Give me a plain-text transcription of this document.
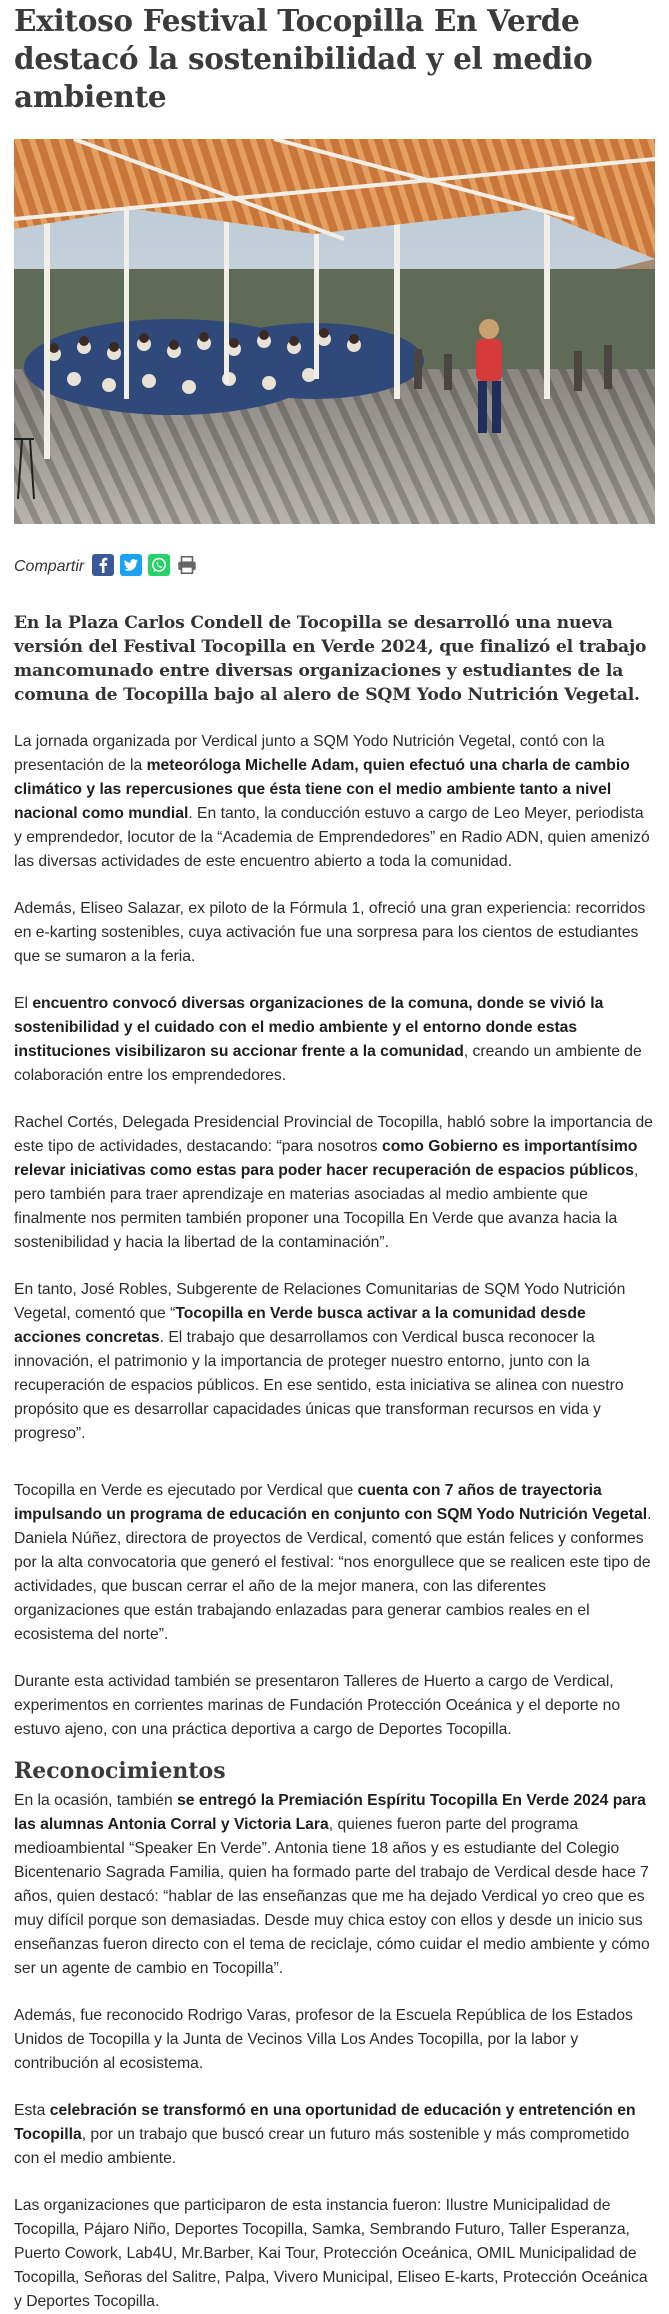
Exitoso Festival Tocopilla En Verde destacó la sostenibilidad y el medio ambiente
Compartir

En la Plaza Carlos Condell de Tocopilla se desarrolló una nueva versión del Festival Tocopilla en Verde 2024, que finalizó el trabajo mancomunado entre diversas organizaciones y estudiantes de la comuna de Tocopilla bajo al alero de SQM Yodo Nutrición Vegetal.

La jornada organizada por Verdical junto a SQM Yodo Nutrición Vegetal, contó con la presentación de la meteoróloga Michelle Adam, quien efectuó una charla de cambio climático y las repercusiones que ésta tiene con el medio ambiente tanto a nivel nacional como mundial. En tanto, la conducción estuvo a cargo de Leo Meyer, periodista y emprendedor, locutor de la “Academia de Emprendedores” en Radio ADN, quien amenizó las diversas actividades de este encuentro abierto a toda la comunidad.

Además, Eliseo Salazar, ex piloto de la Fórmula 1, ofreció una gran experiencia: recorridos en e-karting sostenibles, cuya activación fue una sorpresa para los cientos de estudiantes que se sumaron a la feria.

El encuentro convocó diversas organizaciones de la comuna, donde se vivió la sostenibilidad y el cuidado con el medio ambiente y el entorno donde estas instituciones visibilizaron su accionar frente a la comunidad, creando un ambiente de colaboración entre los emprendedores.

Rachel Cortés, Delegada Presidencial Provincial de Tocopilla, habló sobre la importancia de este tipo de actividades, destacando: “para nosotros como Gobierno es importantísimo relevar iniciativas como estas para poder hacer recuperación de espacios públicos, pero también para traer aprendizaje en materias asociadas al medio ambiente que finalmente nos permiten también proponer una Tocopilla En Verde que avanza hacia la sostenibilidad y hacia la libertad de la contaminación”.

En tanto, José Robles, Subgerente de Relaciones Comunitarias de SQM Yodo Nutrición Vegetal, comentó que “Tocopilla en Verde busca activar a la comunidad desde acciones concretas. El trabajo que desarrollamos con Verdical busca reconocer la innovación, el patrimonio y la importancia de proteger nuestro entorno, junto con la recuperación de espacios públicos. En ese sentido, esta iniciativa se alinea con nuestro propósito que es desarrollar capacidades únicas que transforman recursos en vida y progreso”.

Tocopilla en Verde es ejecutado por Verdical que cuenta con 7 años de trayectoria impulsando un programa de educación en conjunto con SQM Yodo Nutrición Vegetal. Daniela Núñez, directora de proyectos de Verdical, comentó que están felices y conformes por la alta convocatoria que generó el festival: “nos enorgullece que se realicen este tipo de actividades, que buscan cerrar el año de la mejor manera, con las diferentes organizaciones que están trabajando enlazadas para generar cambios reales en el ecosistema del norte”.

Durante esta actividad también se presentaron Talleres de Huerto a cargo de Verdical, experimentos en corrientes marinas de Fundación Protección Oceánica y el deporte no estuvo ajeno, con una práctica deportiva a cargo de Deportes Tocopilla.

Reconocimientos

En la ocasión, también se entregó la Premiación Espíritu Tocopilla En Verde 2024 para las alumnas Antonia Corral y Victoria Lara, quienes fueron parte del programa medioambiental “Speaker En Verde”. Antonia tiene 18 años y es estudiante del Colegio Bicentenario Sagrada Familia, quien ha formado parte del trabajo de Verdical desde hace 7 años, quien destacó: “hablar de las enseñanzas que me ha dejado Verdical yo creo que es muy difícil porque son demasiadas. Desde muy chica estoy con ellos y desde un inicio sus enseñanzas fueron directo con el tema de reciclaje, cómo cuidar el medio ambiente y cómo ser un agente de cambio en Tocopilla”.

Además, fue reconocido Rodrigo Varas, profesor de la Escuela República de los Estados Unidos de Tocopilla y la Junta de Vecinos Villa Los Andes Tocopilla, por la labor y contribución al ecosistema.

Esta celebración se transformó en una oportunidad de educación y entretención en Tocopilla, por un trabajo que buscó crear un futuro más sostenible y más comprometido con el medio ambiente.

Las organizaciones que participaron de esta instancia fueron: Ilustre Municipalidad de Tocopilla, Pájaro Niño, Deportes Tocopilla, Samka, Sembrando Futuro, Taller Esperanza, Puerto Cowork, Lab4U, Mr.Barber, Kai Tour, Protección Oceánica, OMIL Municipalidad de Tocopilla, Señoras del Salitre, Palpa, Vivero Municipal, Eliseo E-karts, Protección Oceánica y Deportes Tocopilla.
